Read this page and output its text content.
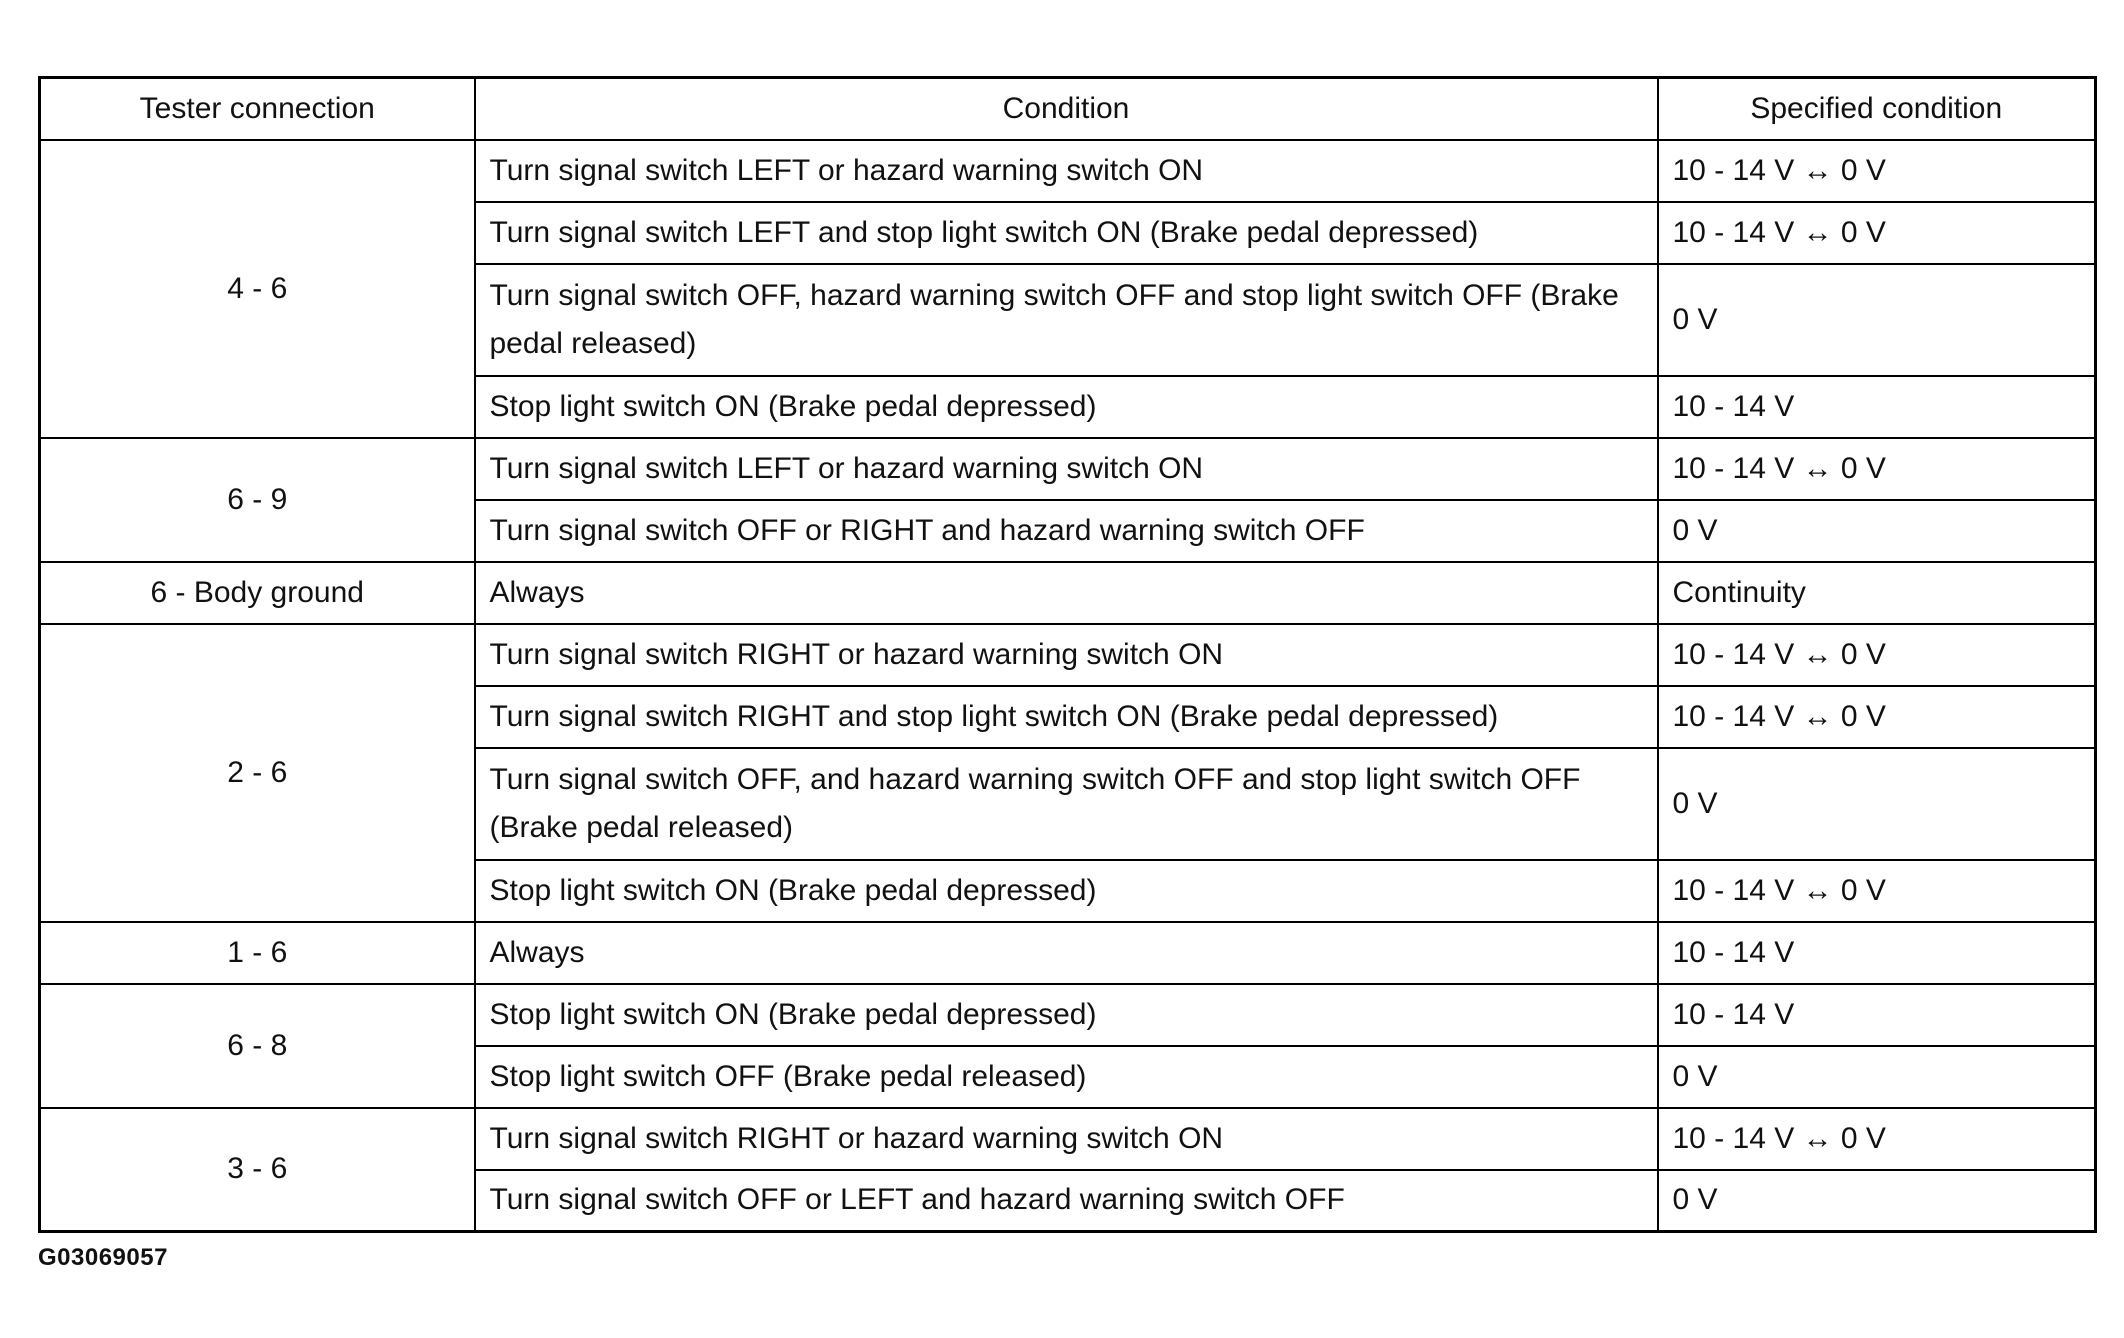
Tester connection	Condition	Specified condition
4 - 6	Turn signal switch LEFT or hazard warning switch ON	10 - 14 V ↔ 0 V
	Turn signal switch LEFT and stop light switch ON (Brake pedal depressed)	10 - 14 V ↔ 0 V
	Turn signal switch OFF, hazard warning switch OFF and stop light switch OFF (Brake pedal released)	0 V
	Stop light switch ON (Brake pedal depressed)	10 - 14 V
6 - 9	Turn signal switch LEFT or hazard warning switch ON	10 - 14 V ↔ 0 V
	Turn signal switch OFF or RIGHT and hazard warning switch OFF	0 V
6 - Body ground	Always	Continuity
2 - 6	Turn signal switch RIGHT or hazard warning switch ON	10 - 14 V ↔ 0 V
	Turn signal switch RIGHT and stop light switch ON (Brake pedal depressed)	10 - 14 V ↔ 0 V
	Turn signal switch OFF, and hazard warning switch OFF and stop light switch OFF (Brake pedal released)	0 V
	Stop light switch ON (Brake pedal depressed)	10 - 14 V ↔ 0 V
1 - 6	Always	10 - 14 V
6 - 8	Stop light switch ON (Brake pedal depressed)	10 - 14 V
	Stop light switch OFF (Brake pedal released)	0 V
3 - 6	Turn signal switch RIGHT or hazard warning switch ON	10 - 14 V ↔ 0 V
	Turn signal switch OFF or LEFT and hazard warning switch OFF	0 V
G03069057
